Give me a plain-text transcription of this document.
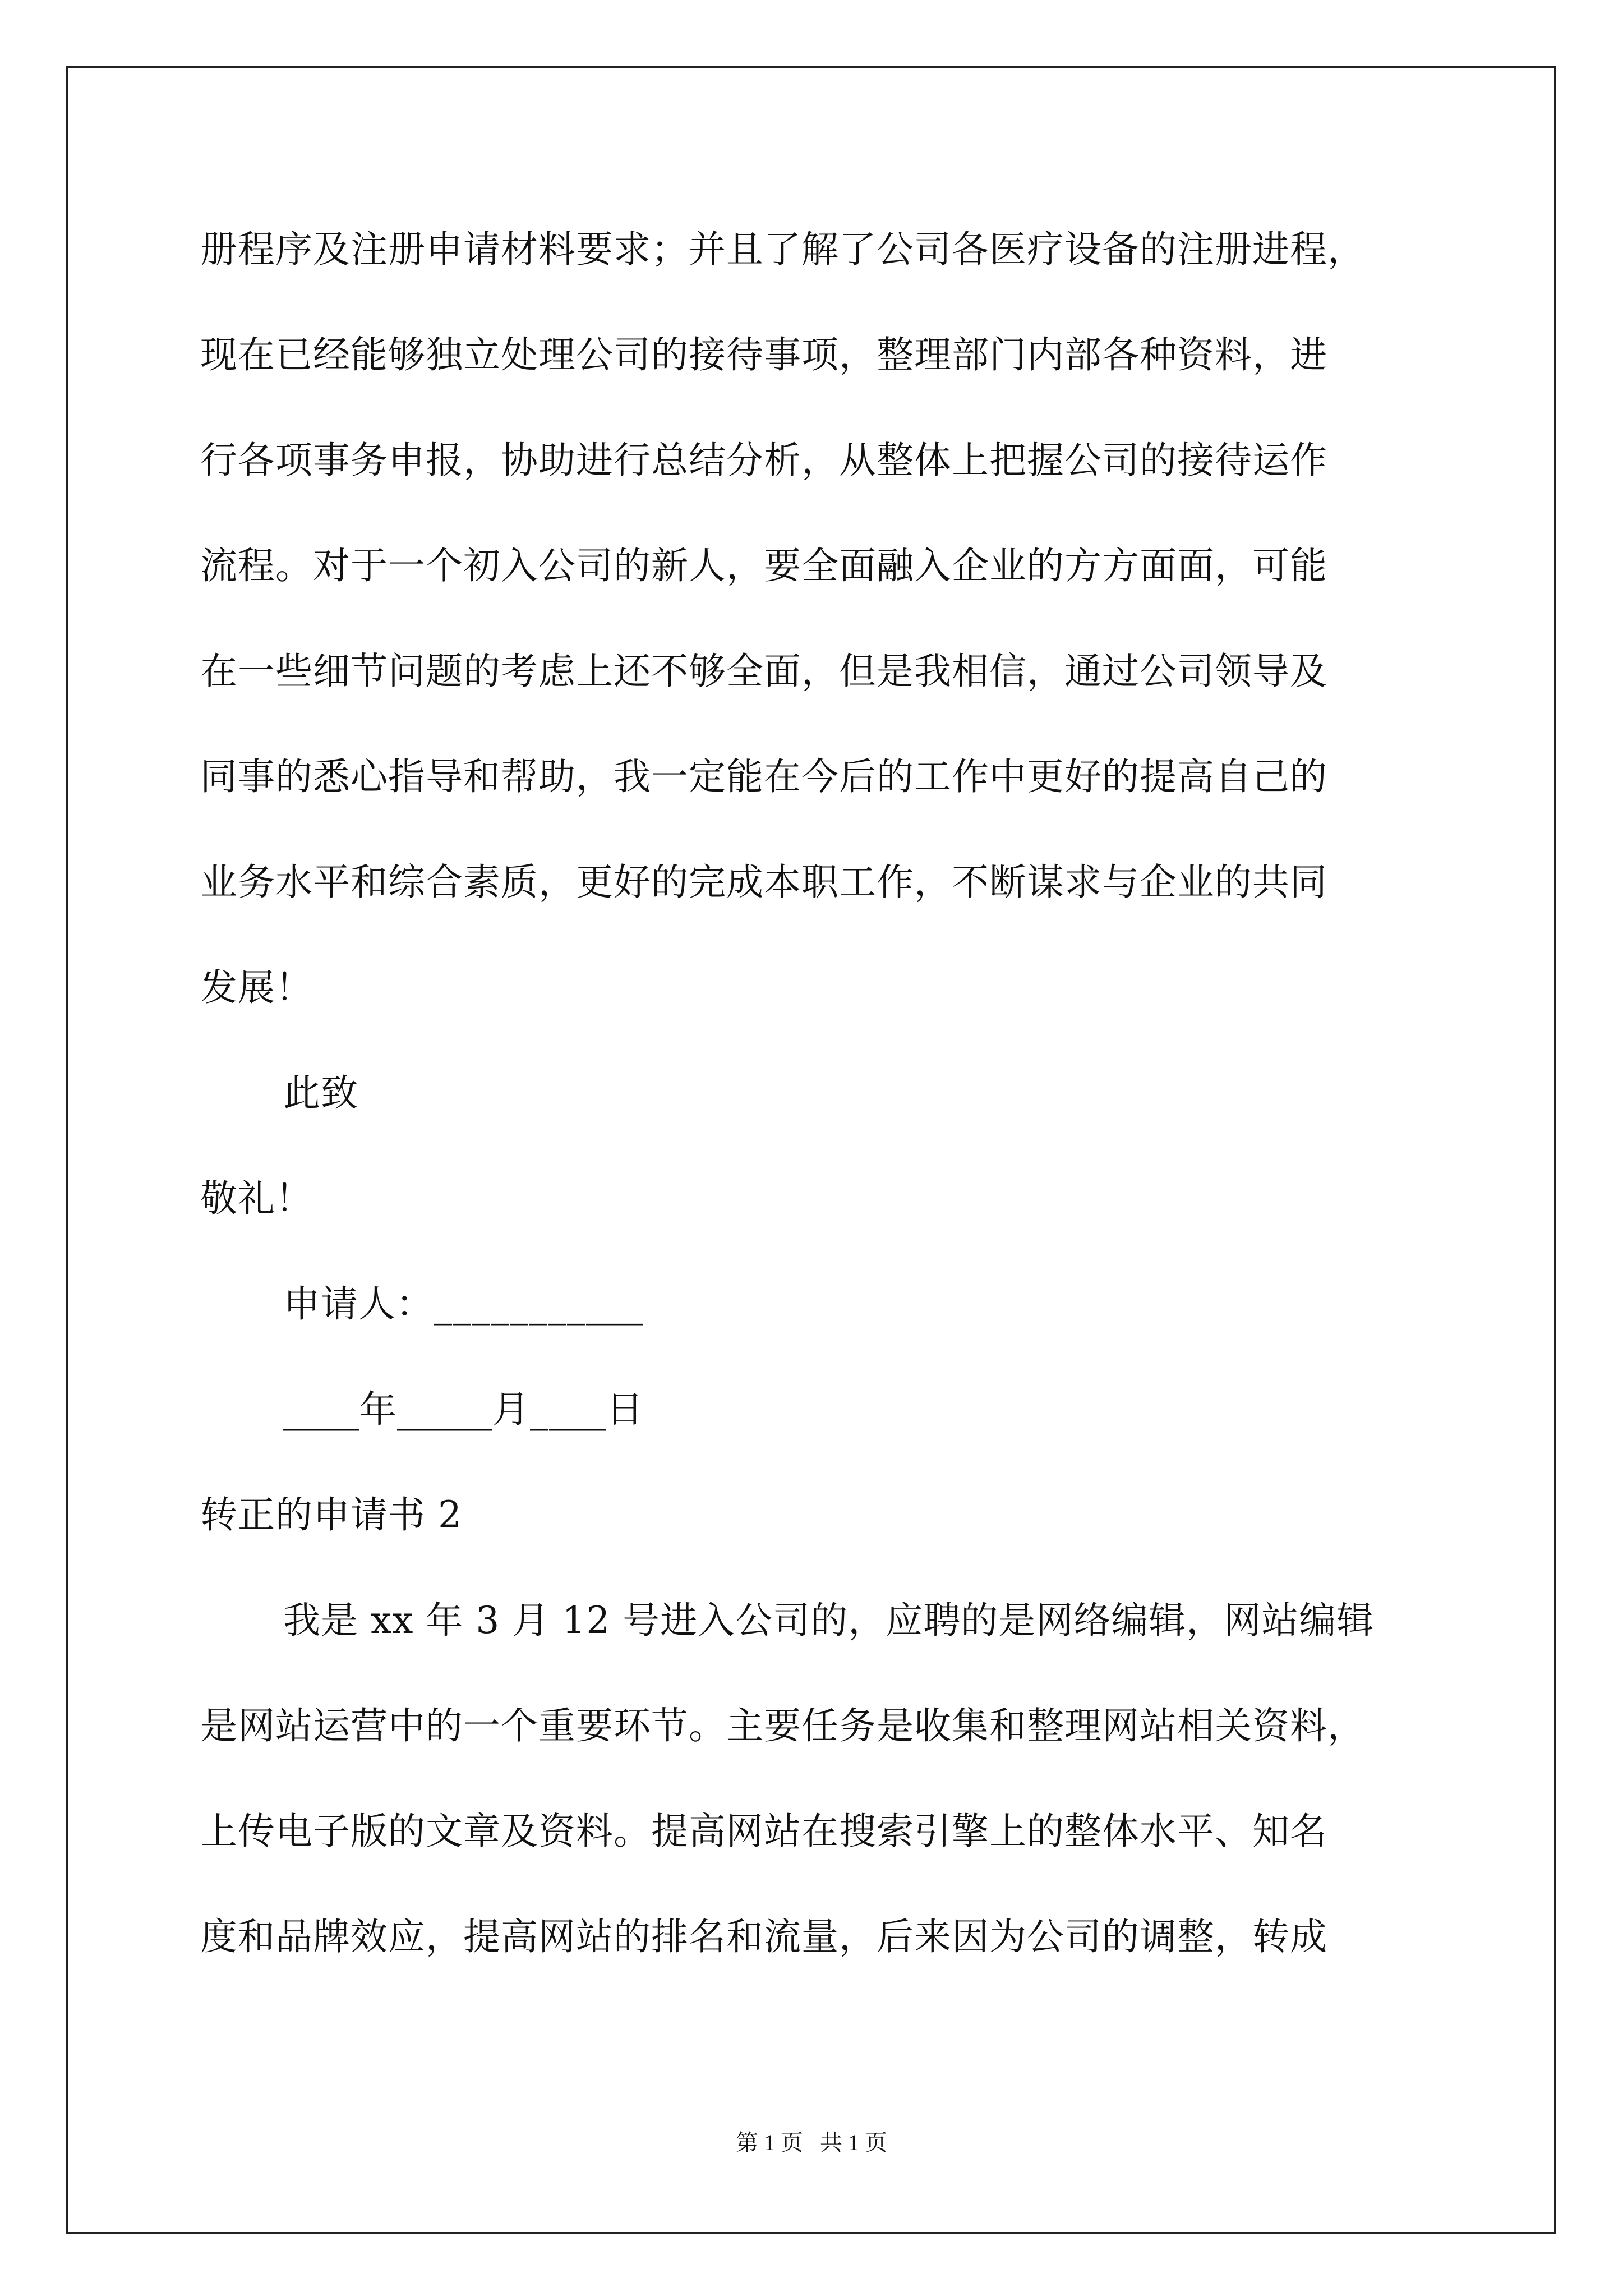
册程序及注册申请材料要求；并且了解了公司各医疗设备的注册进程，
现在已经能够独立处理公司的接待事项，整理部门内部各种资料，进
行各项事务申报，协助进行总结分析，从整体上把握公司的接待运作
流程。对于一个初入公司的新人，要全面融入企业的方方面面，可能
在一些细节问题的考虑上还不够全面，但是我相信，通过公司领导及
同事的悉心指导和帮助，我一定能在今后的工作中更好的提高自己的
业务水平和综合素质，更好的完成本职工作，不断谋求与企业的共同
发展！
此致
敬礼！
申请人：___________
____年_____月____日
转正的申请书 2
我是 xx 年 3 月 12 号进入公司的，应聘的是网络编辑，网站编辑
是网站运营中的一个重要环节。主要任务是收集和整理网站相关资料，
上传电子版的文章及资料。提高网站在搜索引擎上的整体水平、知名
度和品牌效应，提高网站的排名和流量，后来因为公司的调整，转成
第 1 页   共 1 页
